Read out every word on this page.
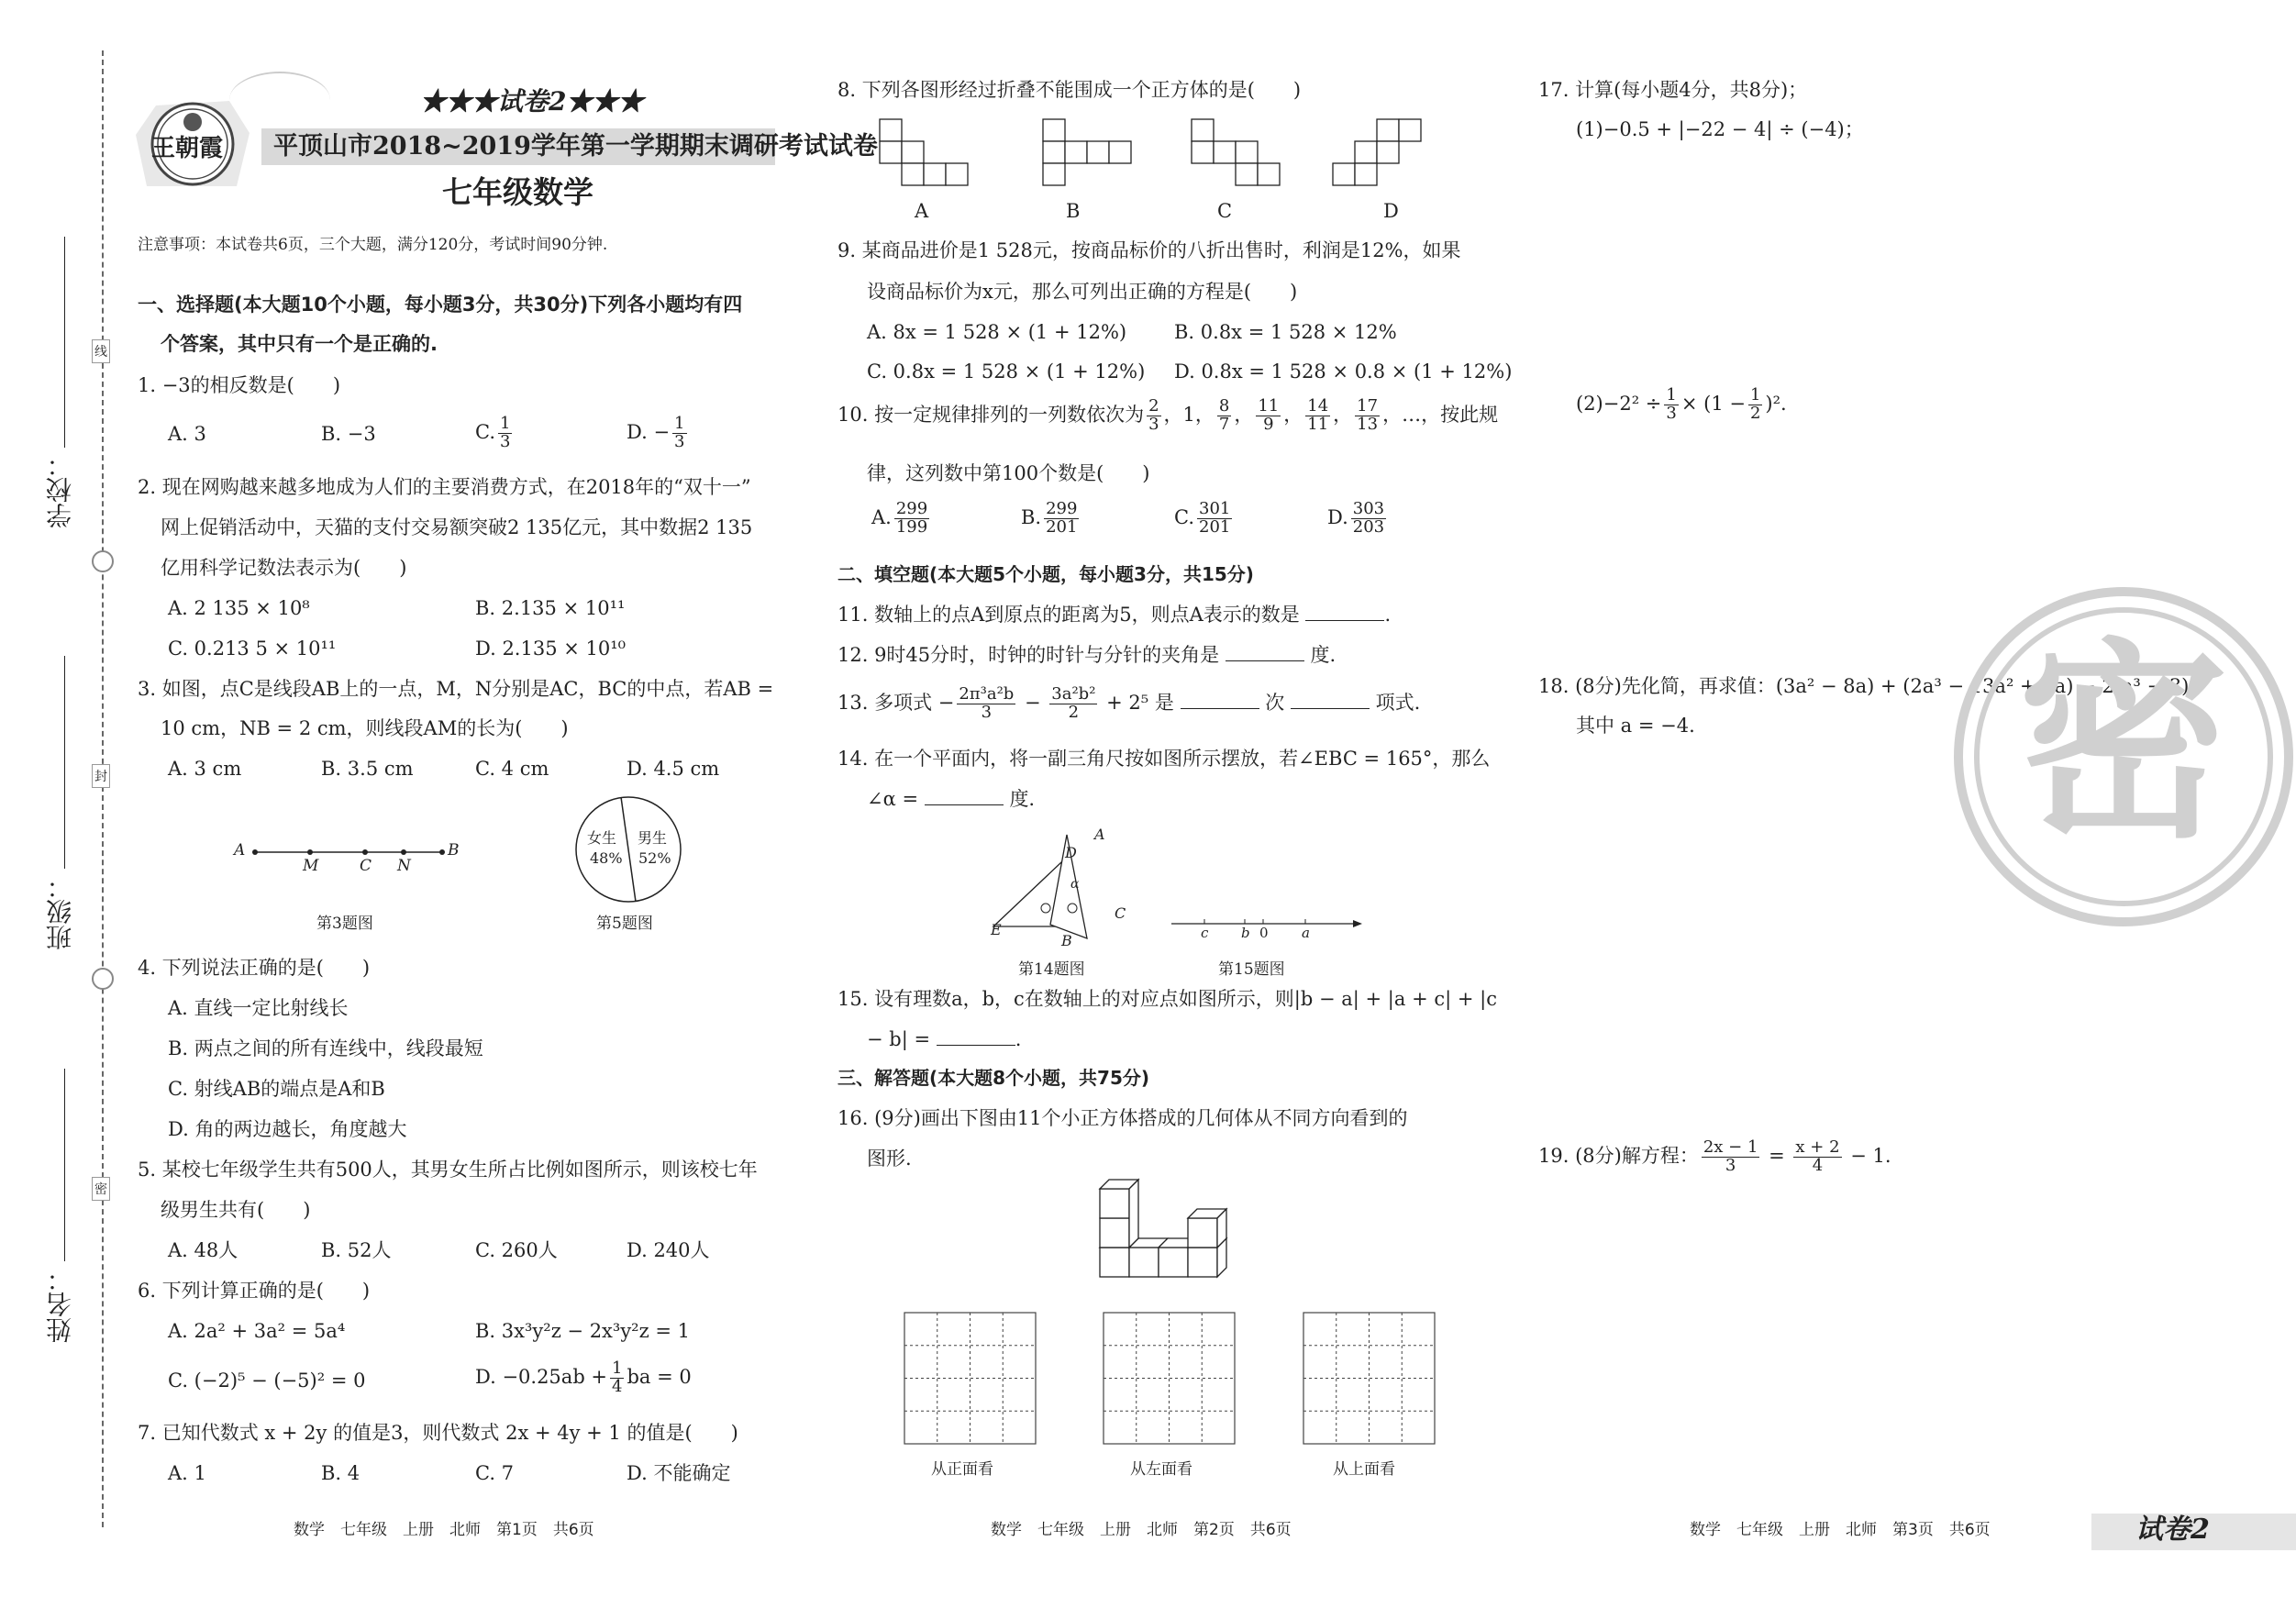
学校：
班级：
姓名：
线
封
密
王朝霞
★★★试卷2★★★
平顶山市2018~2019学年第一学期期末调研考试试卷
七年级数学
注意事项：本试卷共6页，三个大题，满分120分，考试时间90分钟.
一、选择题(本大题10个小题，每小题3分，共30分)下列各小题均有四
个答案，其中只有一个是正确的.
1. −3的相反数是(　　)
A. 3	B. −3	C. $\frac{1}{3}$	D. − $\frac{1}{3}$
2. 现在网购越来越多地成为人们的主要消费方式，在2018年的“双十一”
网上促销活动中，天猫的支付交易额突破2 135亿元，其中数据2 135
亿用科学记数法表示为(　　)
A. 2 135 × 10⁸	B. 2.135 × 10¹¹
C. 0.213 5 × 10¹¹	D. 2.135 × 10¹⁰
3. 如图，点C是线段AB上的一点，M，N分别是AC，BC的中点，若AB =
10 cm，NB = 2 cm，则线段AM的长为(　　)
A. 3 cm	B. 3.5 cm	C. 4 cm	D. 4.5 cm
A
M	C N
B
第3题图
女生
48%
男生
52%
第5题图
4. 下列说法正确的是(　　)
A. 直线一定比射线长
B. 两点之间的所有连线中，线段最短
C. 射线AB的端点是A和B
D. 角的两边越长，角度越大
5. 某校七年级学生共有500人，其男女生所占比例如图所示，则该校七年
级男生共有(　　)
A. 48人	B. 52人	C. 260人	D. 240人
6. 下列计算正确的是(　　)
A. 2a² + 3a² = 5a⁴	B. 3x³y²z − 2x³y²z = 1
C. (−2)⁵ − (−5)² = 0	D. $-0.25ab + \frac{1}{4}$ ba = 0
7. 已知代数式 x + 2y 的值是3，则代数式 2x + 4y + 1 的值是(　　)
A. 1	B. 4	C. 7	D. 不能确定
数学　七年级　上册　北师　第1页　共6页
8. 下列各图形经过折叠不能围成一个正方体的是(　　)
A	B	C	D
9. 某商品进价是1 528元，按商品标价的八折出售时，利润是12%，如果
设商品标价为x元，那么可列出正确的方程是(　　)
A. 8x = 1 528 × (1 + 12%) B. 0.8x = 1 528 × 12%
C. 0.8x = 1 528 × (1 + 12%) D. 0.8x = 1 528 × 0.8 × (1 + 12%)
10. 按一定规律排列的一列数依次为 $\frac{2}{3}$ ，1， $\frac{8}{7}$ ， $\frac{11}{9}$ ， $\frac{14}{11}$ ， $\frac{17}{13}$ ，…，按此规
律，这列数中第100个数是(　　)
A. $\frac{299}{199}$	B. $\frac{299}{201}$	C. $\frac{301}{201}$	D. $\frac{303}{203}$
二、填空题(本大题5个小题，每小题3分，共15分)
11. 数轴上的点A到原点的距离为5，则点A表示的数是	.
12. 9时45分时，时钟的时针与分针的夹角是	度.
13. 多项式 − $\frac{\text{2π³a²b}}{3} - \frac{\text{3a²b²}}{2} + 2^5$ 是	次	项式.
14. 在一个平面内，将一副三角尺按如图所示摆放，若∠EBC = 165°，那么
∠α =	度.
D
A
α
E
B
C
第14题图
c b 0 a
第15题图
15. 设有理数a，b，c在数轴上的对应点如图所示，则|b − a| + |a + c| + |c
− b| =	.
三、解答题(本大题8个小题，共75分)
16. (9分)画出下图由11个小正方体搭成的几何体从不同方向看到的
图形.
从正面看	从左面看	从上面看
数学　七年级　上册　北师　第2页　共6页
17. 计算(每小题4分，共8分)；
(1)−0.5 + |−22 − 4| ÷ (−4)；
$(2)-2^2 \div \frac{1}{3} \times (1 - \frac{1}{2} )^2$.
18. (8分)先化简，再求值：(3a² − 8a) + (2a³ − 13a² + 2a) − 2(a³ − 3)，
其中 a = −4.
19. (8分)解方程： $\frac{2x - 1}{3} = \frac{x + 2}{4} - 1$.
密
数学　七年级　上册　北师　第3页　共6页	试卷2
